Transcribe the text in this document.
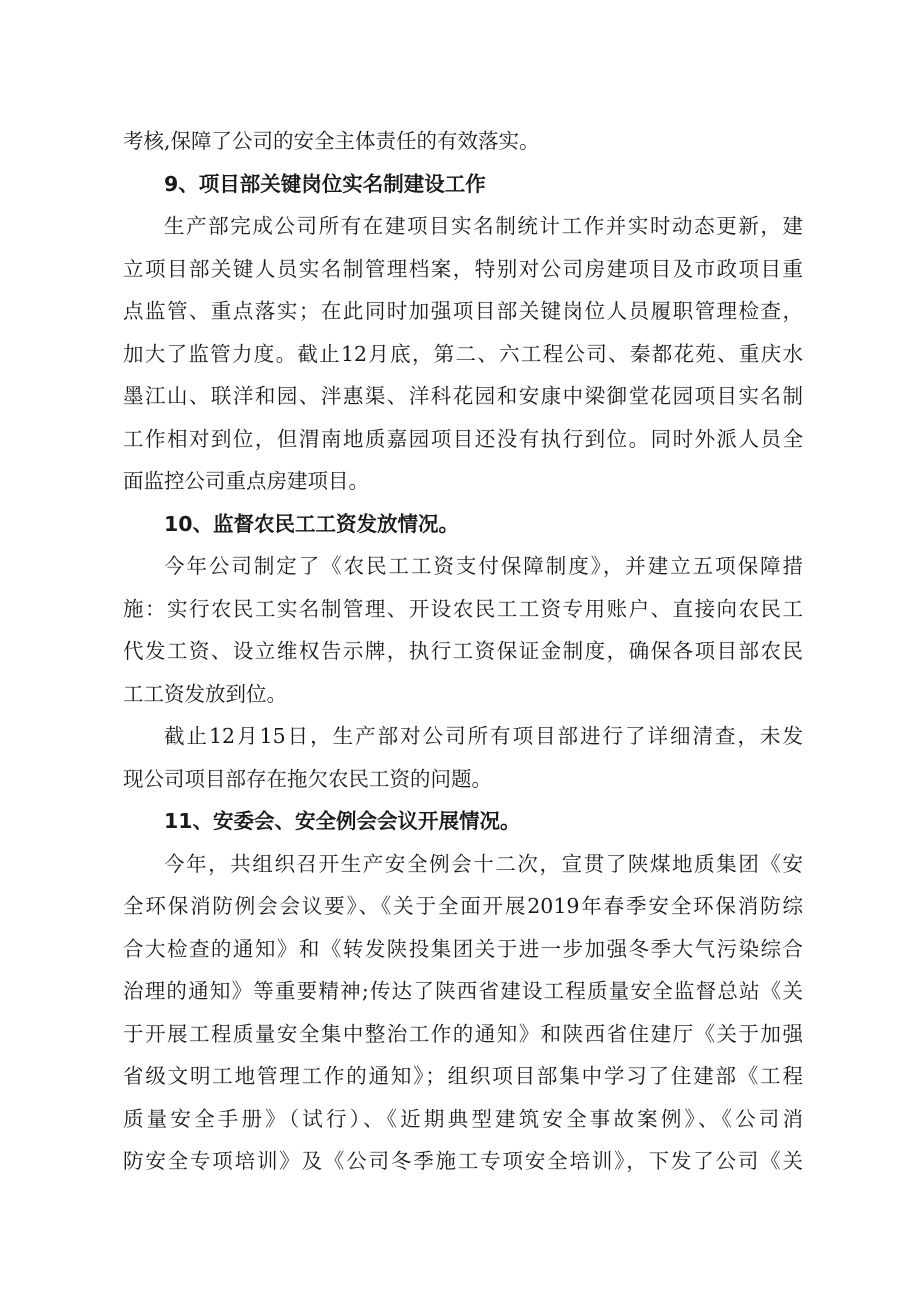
考核,保障了公司的安全主体责任的有效落实。
9、项目部关键岗位实名制建设工作
生产部完成公司所有在建项目实名制统计工作并实时动态更新，建
立项目部关键人员实名制管理档案，特别对公司房建项目及市政项目重
点监管、重点落实；在此同时加强项目部关键岗位人员履职管理检查，
加大了监管力度。截止12月底，第二、六工程公司、秦都花苑、重庆水
墨江山、联洋和园、泮惠渠、洋科花园和安康中梁御堂花园项目实名制
工作相对到位，但渭南地质嘉园项目还没有执行到位。同时外派人员全
面监控公司重点房建项目。
10、监督农民工工资发放情况。
今年公司制定了《农民工工资支付保障制度》，并建立五项保障措
施：实行农民工实名制管理、开设农民工工资专用账户、直接向农民工
代发工资、设立维权告示牌，执行工资保证金制度，确保各项目部农民
工工资发放到位。
截止12月15日，生产部对公司所有项目部进行了详细清查，未发
现公司项目部存在拖欠农民工资的问题。
11、安委会、安全例会会议开展情况。
今年，共组织召开生产安全例会十二次，宣贯了陕煤地质集团《安
全环保消防例会会议要》、《关于全面开展2019年春季安全环保消防综
合大检查的通知》和《转发陕投集团关于进一步加强冬季大气污染综合
治理的通知》等重要精神;传达了陕西省建设工程质量安全监督总站《关
于开展工程质量安全集中整治工作的通知》和陕西省住建厅《关于加强
省级文明工地管理工作的通知》；组织项目部集中学习了住建部《工程
质量安全手册》（试行）、《近期典型建筑安全事故案例》、《公司消
防安全专项培训》及《公司冬季施工专项安全培训》，下发了公司《关
